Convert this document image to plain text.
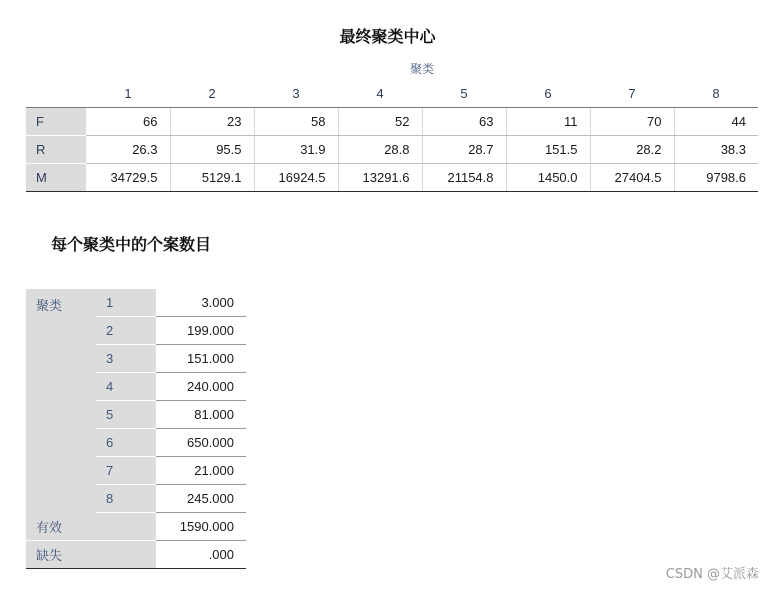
最终聚类中心
聚类
	1	2	3	4	5	6	7	8
F	66	23	58	52	63	11	70	44
R	26.3	95.5	31.9	28.8	28.7	151.5	28.2	38.3
M	34729.5	5129.1	16924.5	13291.6	21154.8	1450.0	27404.5	9798.6
每个聚类中的个案数目
聚类	1	3.000
	2	199.000
	3	151.000
	4	240.000
	5	81.000
	6	650.000
	7	21.000
	8	245.000
有效		1590.000
缺失		.000
CSDN @艾派森
